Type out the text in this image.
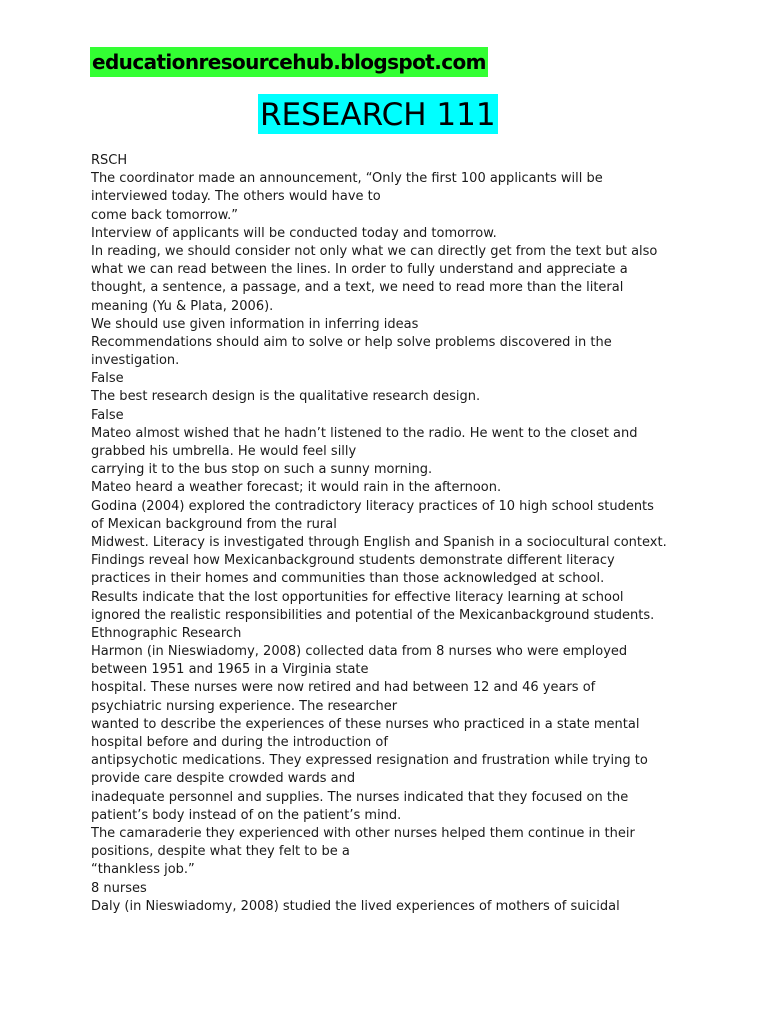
educationresourcehub.blogspot.com
RESEARCH 111
RSCH
The coordinator made an announcement, “Only the first 100 applicants will be
interviewed today. The others would have to
come back tomorrow.”
Interview of applicants will be conducted today and tomorrow.
In reading, we should consider not only what we can directly get from the text but also
what we can read between the lines. In order to fully understand and appreciate a
thought, a sentence, a passage, and a text, we need to read more than the literal
meaning (Yu & Plata, 2006).
We should use given information in inferring ideas
Recommendations should aim to solve or help solve problems discovered in the
investigation.
False
The best research design is the qualitative research design.
False
Mateo almost wished that he hadn’t listened to the radio. He went to the closet and
grabbed his umbrella. He would feel silly
carrying it to the bus stop on such a sunny morning.
Mateo heard a weather forecast; it would rain in the afternoon.
Godina (2004) explored the contradictory literacy practices of 10 high school students
of Mexican background from the rural
Midwest. Literacy is investigated through English and Spanish in a sociocultural context.
Findings reveal how Mexicanbackground students demonstrate different literacy
practices in their homes and communities than those acknowledged at school.
Results indicate that the lost opportunities for effective literacy learning at school
ignored the realistic responsibilities and potential of the Mexicanbackground students.
Ethnographic Research
Harmon (in Nieswiadomy, 2008) collected data from 8 nurses who were employed
between 1951 and 1965 in a Virginia state
hospital. These nurses were now retired and had between 12 and 46 years of
psychiatric nursing experience. The researcher
wanted to describe the experiences of these nurses who practiced in a state mental
hospital before and during the introduction of
antipsychotic medications. They expressed resignation and frustration while trying to
provide care despite crowded wards and
inadequate personnel and supplies. The nurses indicated that they focused on the
patient’s body instead of on the patient’s mind.
The camaraderie they experienced with other nurses helped them continue in their
positions, despite what they felt to be a
“thankless job.”
8 nurses
Daly (in Nieswiadomy, 2008) studied the lived experiences of mothers of suicidal
